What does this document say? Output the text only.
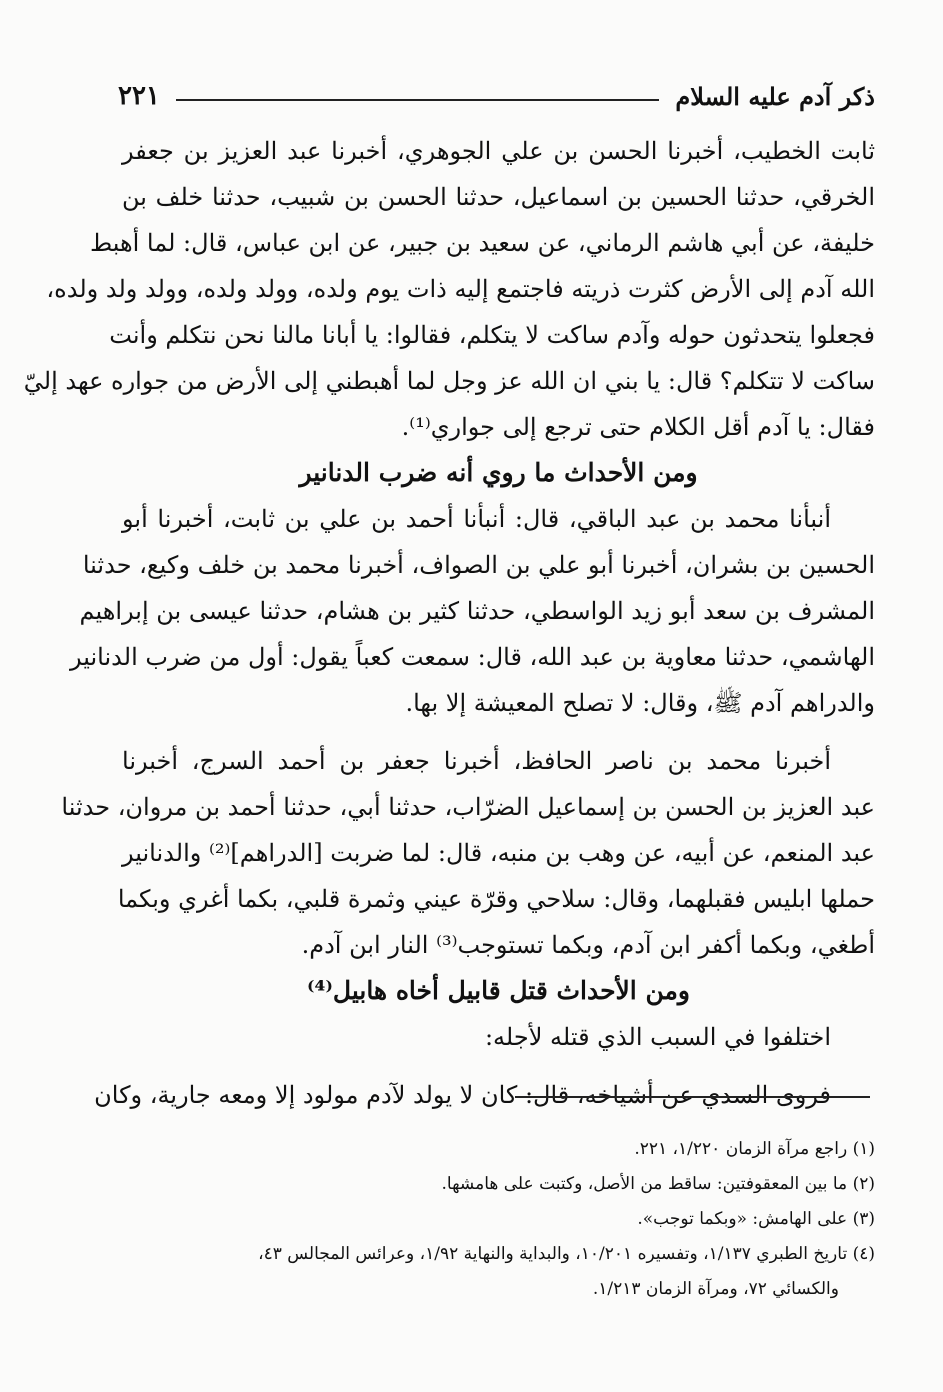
ذكر آدم عليه السلام
٢٢١
ثابت الخطيب، أخبرنا الحسن بن علي الجوهري، أخبرنا عبد العزيز بن جعفر
الخرقي، حدثنا الحسين بن اسماعيل، حدثنا الحسن بن شبيب، حدثنا خلف بن
خليفة، عن أبي هاشم الرماني، عن سعيد بن جبير، عن ابن عباس، قال: لما أهبط
الله آدم إلى الأرض كثرت ذريته فاجتمع إليه ذات يوم ولده، وولد ولده، وولد ولد ولده،
فجعلوا يتحدثون حوله وآدم ساكت لا يتكلم، فقالوا: يا أبانا مالنا نحن نتكلم وأنت
ساكت لا تتكلم؟ قال: يا بني ان الله عز وجل لما أهبطني إلى الأرض من جواره عهد إليّ
فقال: يا آدم أقل الكلام حتى ترجع إلى جواري⁽¹⁾.
ومن الأحداث ما روي أنه ضرب الدنانير
أنبأنا محمد بن عبد الباقي، قال: أنبأنا أحمد بن علي بن ثابت، أخبرنا أبو
الحسين بن بشران، أخبرنا أبو علي بن الصواف، أخبرنا محمد بن خلف وكيع، حدثنا
المشرف بن سعد أبو زيد الواسطي، حدثنا كثير بن هشام، حدثنا عيسى بن إبراهيم
الهاشمي، حدثنا معاوية بن عبد الله، قال: سمعت كعباً يقول: أول من ضرب الدنانير
والدراهم آدم ﷺ، وقال: لا تصلح المعيشة إلا بها.
أخبرنا محمد بن ناصر الحافظ، أخبرنا جعفر بن أحمد السرج، أخبرنا
عبد العزيز بن الحسن بن إسماعيل الضرّاب، حدثنا أبي، حدثنا أحمد بن مروان، حدثنا
عبد المنعم، عن أبيه، عن وهب بن منبه، قال: لما ضربت [الدراهم]⁽²⁾ والدنانير
حملها ابليس فقبلهما، وقال: سلاحي وقرّة عيني وثمرة قلبي، بكما أغري وبكما
أطغي، وبكما أكفر ابن آدم، وبكما تستوجب⁽³⁾ النار ابن آدم.
ومن الأحداث قتل قابيل أخاه هابيل⁽⁴⁾
اختلفوا في السبب الذي قتله لأجله:
فروى السدي عن أشياخه، قال: كان لا يولد لآدم مولود إلا ومعه جارية، وكان
(١) راجع مرآة الزمان ١/٢٢٠، ٢٢١.
(٢) ما بين المعقوفتين: ساقط من الأصل، وكتبت على هامشها.
(٣) على الهامش: «وبكما توجب».
(٤) تاريخ الطبري ١/١٣٧، وتفسيره ١٠/٢٠١، والبداية والنهاية ١/٩٢، وعرائس المجالس ٤٣،
والكسائي ٧٢، ومرآة الزمان ١/٢١٣.
